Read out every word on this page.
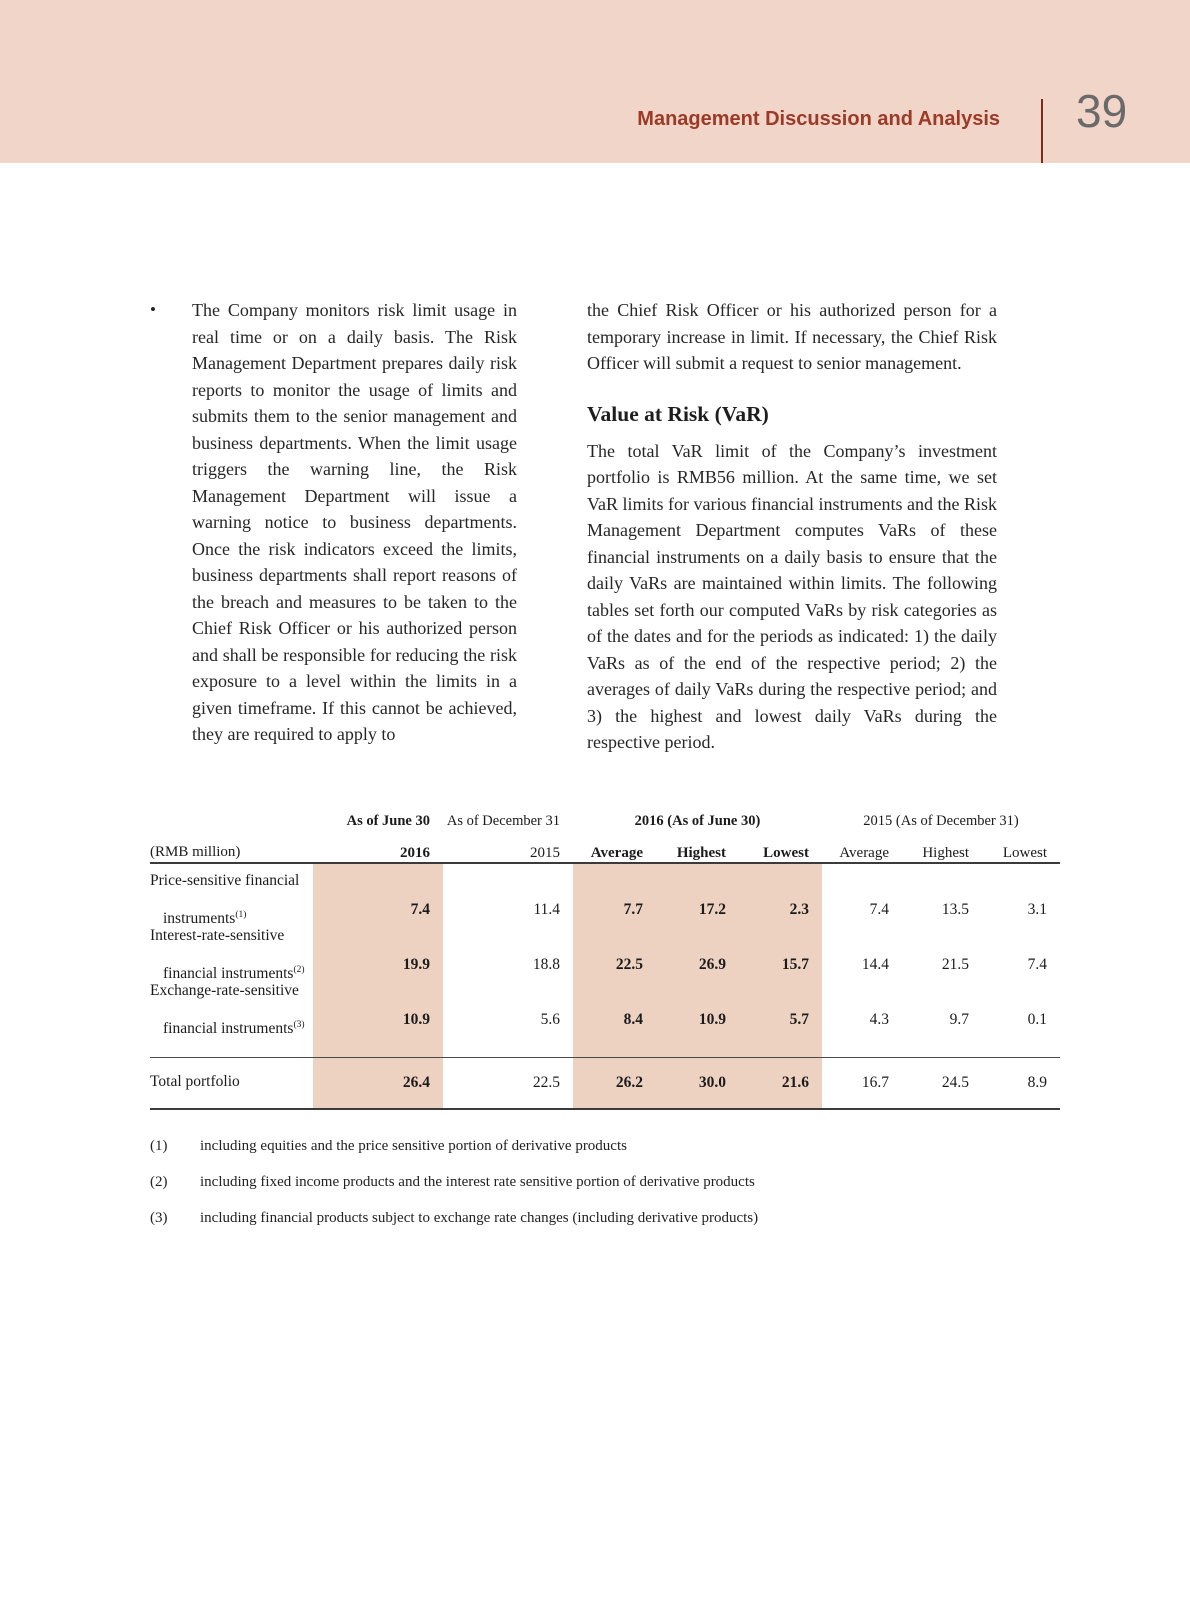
Management Discussion and Analysis 39
•	The Company monitors risk limit usage in real time or on a daily basis. The Risk Management Department prepares daily risk reports to monitor the usage of limits and submits them to the senior management and business departments. When the limit usage triggers the warning line, the Risk Management Department will issue a warning notice to business departments. Once the risk indicators exceed the limits, business departments shall report reasons of the breach and measures to be taken to the Chief Risk Officer or his authorized person and shall be responsible for reducing the risk exposure to a level within the limits in a given timeframe. If this cannot be achieved, they are required to apply to

the Chief Risk Officer or his authorized person for a temporary increase in limit. If necessary, the Chief Risk Officer will submit a request to senior management.

Value at Risk (VaR)

The total VaR limit of the Company’s investment portfolio is RMB56 million. At the same time, we set VaR limits for various financial instruments and the Risk Management Department computes VaRs of these financial instruments on a daily basis to ensure that the daily VaRs are maintained within limits. The following tables set forth our computed VaRs by risk categories as of the dates and for the periods as indicated: 1) the daily VaRs as of the end of the respective period; 2) the averages of daily VaRs during the respective period; and 3) the highest and lowest daily VaRs during the respective period.

As of June 30	As of December 31	2016 (As of June 30)	2015 (As of December 31)
(RMB million)	2016	2015	Average	Highest	Lowest	Average	Highest	Lowest
Price-sensitive financial
instruments$^{(1)}$	7.4	11.4	7.7	17.2	2.3	7.4	13.5	3.1
Interest-rate-sensitive
financial instruments$^{(2)}$	19.9	18.8	22.5	26.9	15.7	14.4	21.5	7.4
Exchange-rate-sensitive
financial instruments$^{(3)}$	10.9	5.6	8.4	10.9	5.7	4.3	9.7	0.1
Total portfolio	26.4	22.5	26.2	30.0	21.6	16.7	24.5	8.9
(1)	including equities and the price sensitive portion of derivative products
(2)	including fixed income products and the interest rate sensitive portion of derivative products
(3)	including financial products subject to exchange rate changes (including derivative products)
